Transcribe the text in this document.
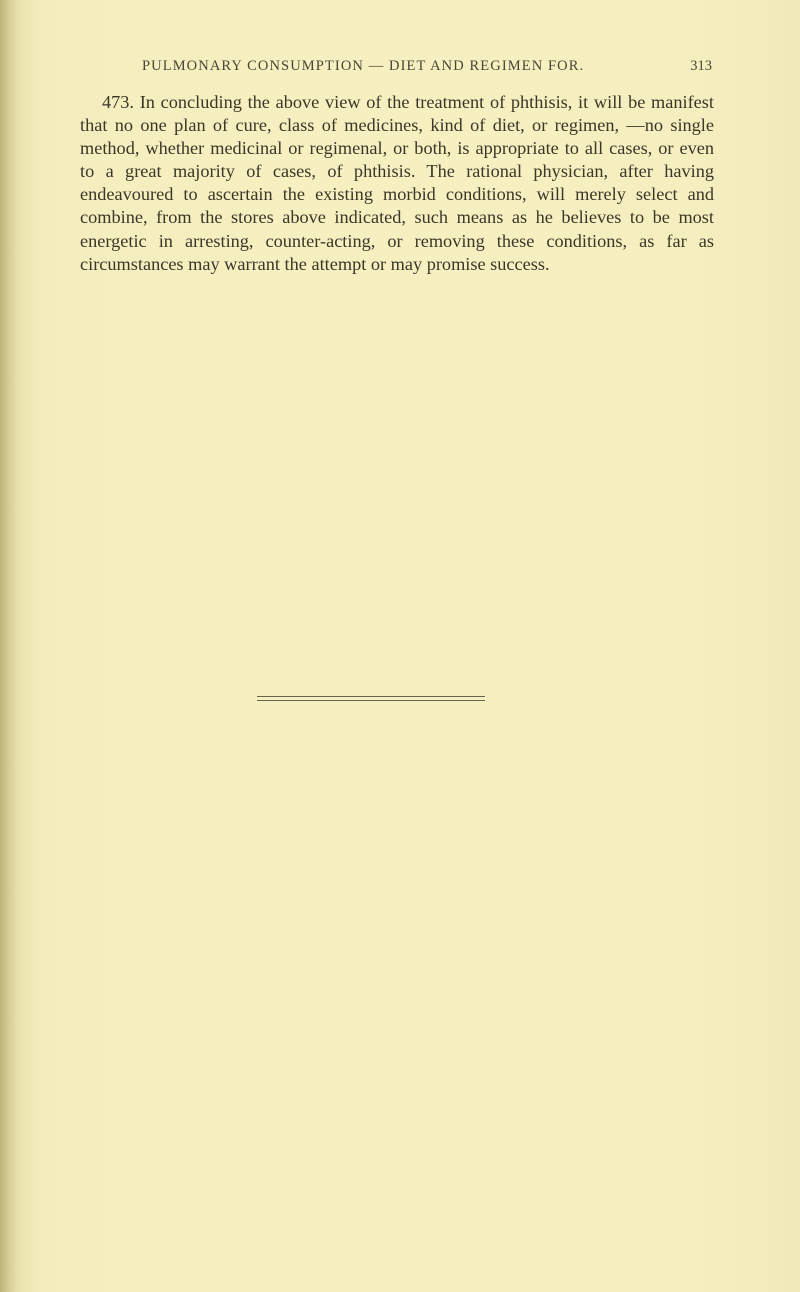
PULMONARY CONSUMPTION — DIET AND REGIMEN FOR.	313

473. In concluding the above view of the treatment of phthisis, it will be manifest that no one plan of cure, class of medicines, kind of diet, or regimen, —no single method, whether medicinal or regimenal, or both, is appropriate to all cases, or even to a great majority of cases, of phthisis. The rational physician, after having endeavoured to ascertain the existing morbid conditions, will merely select and combine, from the stores above indicated, such means as he believes to be most energetic in arresting, counter-acting, or removing these conditions, as far as circumstances may warrant the attempt or may promise success.
